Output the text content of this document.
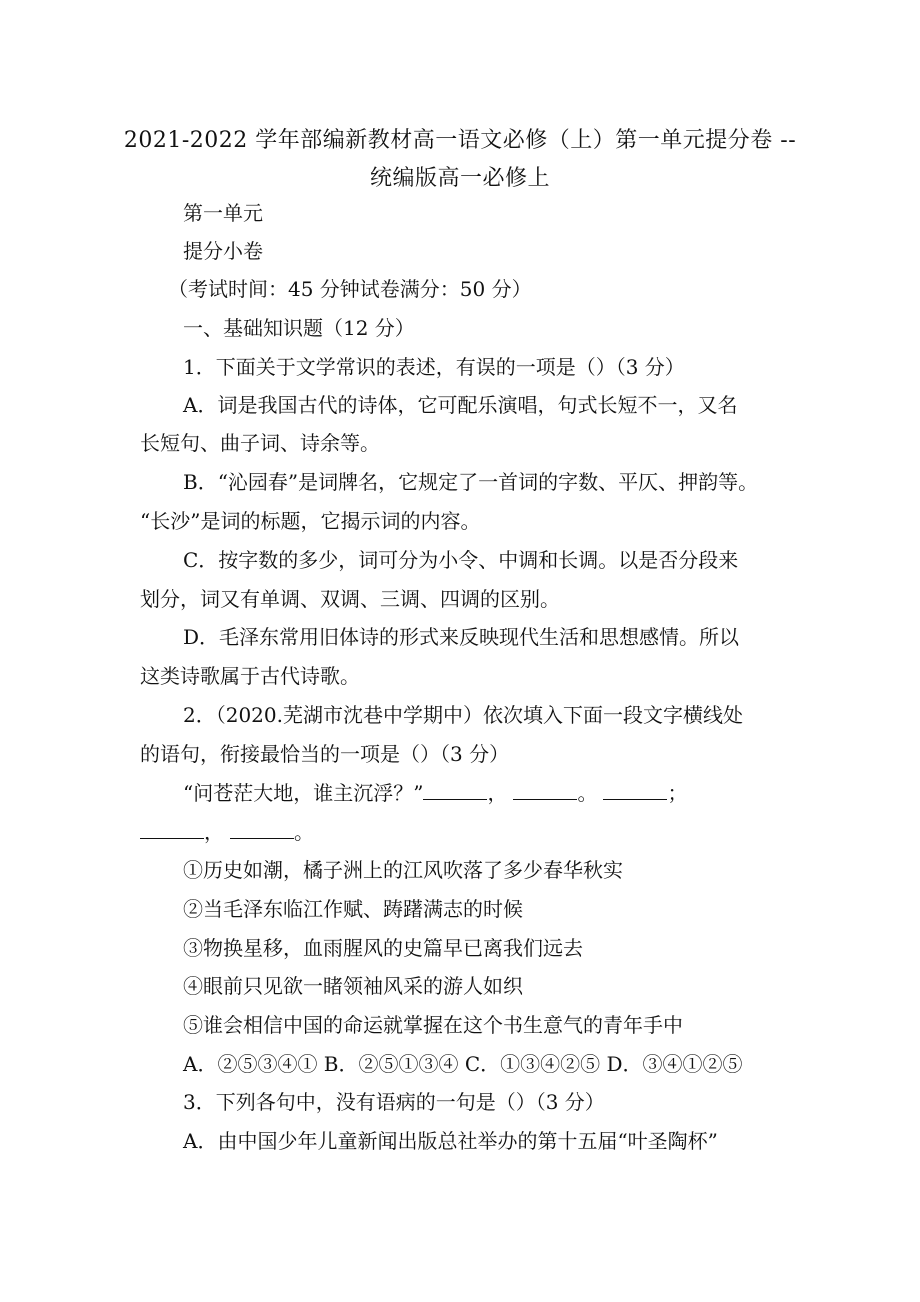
2021-2022 学年部编新教材高一语文必修（上）第一单元提分卷 --
统编版高一必修上
第一单元
提分小卷
（考试时间：45 分钟试卷满分：50 分）
一、基础知识题（12 分）
1．下面关于文学常识的表述，有误的一项是（）（3 分）
A．词是我国古代的诗体，它可配乐演唱，句式长短不一，又名
长短句、曲子词、诗余等。
B．“沁园春”是词牌名，它规定了一首词的字数、平仄、押韵等。
“长沙”是词的标题，它揭示词的内容。
C．按字数的多少，词可分为小令、中调和长调。以是否分段来
划分，词又有单调、双调、三调、四调的区别。
D．毛泽东常用旧体诗的形式来反映现代生活和思想感情。所以
这类诗歌属于古代诗歌。
2．（2020.芜湖市沈巷中学期中）依次填入下面一段文字横线处
的语句，衔接最恰当的一项是（）（3 分）
“问苍茫大地，谁主沉浮？”	，	。	；
，	。
①历史如潮，橘子洲上的江风吹落了多少春华秋实
②当毛泽东临江作赋、踌躇满志的时候
③物换星移，血雨腥风的史篇早已离我们远去
④眼前只见欲一睹领袖风采的游人如织
⑤谁会相信中国的命运就掌握在这个书生意气的青年手中
A．②⑤③④① B．②⑤①③④ C．①③④②⑤ D．③④①②⑤
3．下列各句中，没有语病的一句是（）（3 分）
A．由中国少年儿童新闻出版总社举办的第十五届“叶圣陶杯”
